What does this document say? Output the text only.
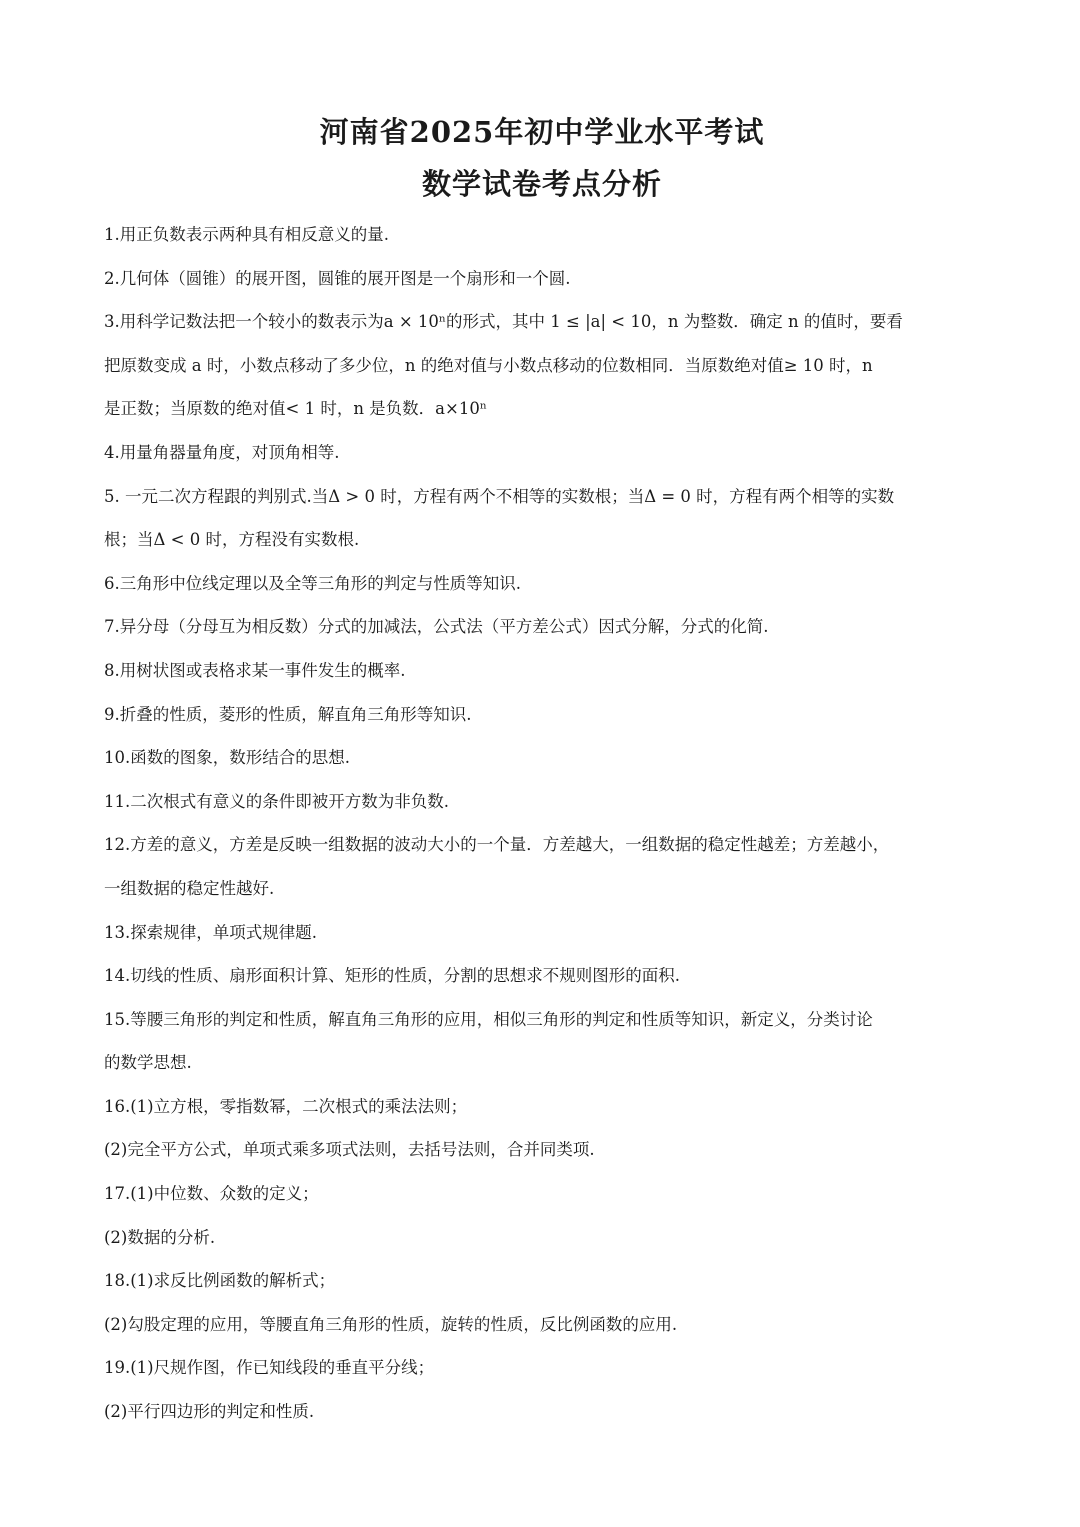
河南省2025年初中学业水平考试
数学试卷考点分析
1.用正负数表示两种具有相反意义的量.
2.几何体（圆锥）的展开图，圆锥的展开图是一个扇形和一个圆.
3.用科学记数法把一个较小的数表示为a × 10ⁿ的形式，其中 1 ≤ |a| < 10，n 为整数．确定 n 的值时，要看
把原数变成 a 时，小数点移动了多少位，n 的绝对值与小数点移动的位数相同．当原数绝对值≥ 10 时，n
是正数；当原数的绝对值< 1 时，n 是负数．a×10ⁿ
4.用量角器量角度，对顶角相等.
5. 一元二次方程跟的判别式.当Δ > 0 时，方程有两个不相等的实数根；当Δ = 0 时，方程有两个相等的实数
根；当Δ < 0 时，方程没有实数根.
6.三角形中位线定理以及全等三角形的判定与性质等知识.
7.异分母（分母互为相反数）分式的加减法，公式法（平方差公式）因式分解，分式的化简.
8.用树状图或表格求某一事件发生的概率.
9.折叠的性质，菱形的性质，解直角三角形等知识.
10.函数的图象，数形结合的思想.
11.二次根式有意义的条件即被开方数为非负数.
12.方差的意义，方差是反映一组数据的波动大小的一个量．方差越大，一组数据的稳定性越差；方差越小，
一组数据的稳定性越好.
13.探索规律，单项式规律题.
14.切线的性质、扇形面积计算、矩形的性质，分割的思想求不规则图形的面积.
15.等腰三角形的判定和性质，解直角三角形的应用，相似三角形的判定和性质等知识，新定义，分类讨论
的数学思想.
16.(1)立方根，零指数幂，二次根式的乘法法则；
(2)完全平方公式，单项式乘多项式法则，去括号法则，合并同类项.
17.(1)中位数、众数的定义；
(2)数据的分析.
18.(1)求反比例函数的解析式；
(2)勾股定理的应用，等腰直角三角形的性质，旋转的性质，反比例函数的应用.
19.(1)尺规作图，作已知线段的垂直平分线；
(2)平行四边形的判定和性质.
